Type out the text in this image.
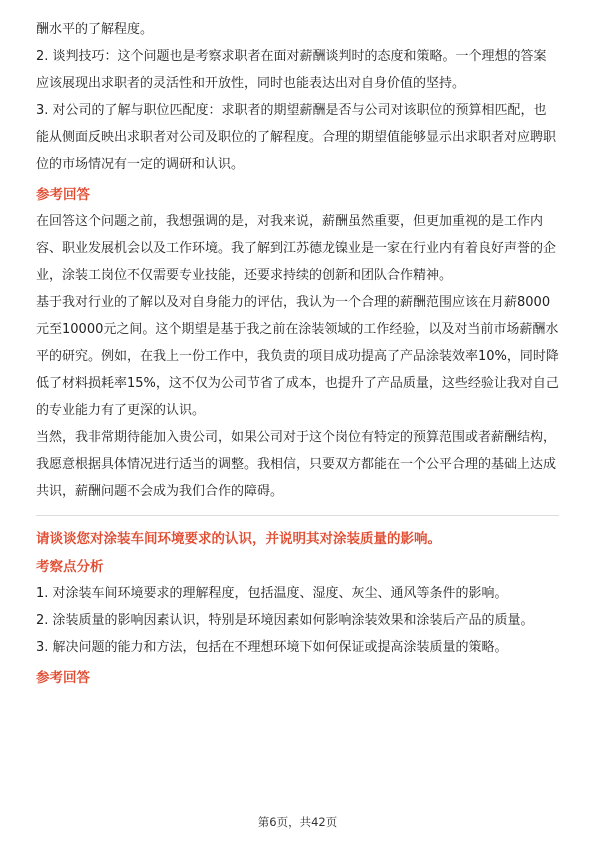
酬水平的了解程度。

2. 谈判技巧：这个问题也是考察求职者在面对薪酬谈判时的态度和策略。一个理想的答案应该展现出求职者的灵活性和开放性，同时也能表达出对自身价值的坚持。

3. 对公司的了解与职位匹配度：求职者的期望薪酬是否与公司对该职位的预算相匹配，也能从侧面反映出求职者对公司及职位的了解程度。合理的期望值能够显示出求职者对应聘职位的市场情况有一定的调研和认识。

参考回答

在回答这个问题之前，我想强调的是，对我来说，薪酬虽然重要，但更加重视的是工作内容、职业发展机会以及工作环境。我了解到江苏德龙镍业是一家在行业内有着良好声誉的企业，涂装工岗位不仅需要专业技能，还要求持续的创新和团队合作精神。

基于我对行业的了解以及对自身能力的评估，我认为一个合理的薪酬范围应该在月薪8000元至10000元之间。这个期望是基于我之前在涂装领域的工作经验，以及对当前市场薪酬水平的研究。例如，在我上一份工作中，我负责的项目成功提高了产品涂装效率10%，同时降低了材料损耗率15%，这不仅为公司节省了成本，也提升了产品质量，这些经验让我对自己的专业能力有了更深的认识。

当然，我非常期待能加入贵公司，如果公司对于这个岗位有特定的预算范围或者薪酬结构，我愿意根据具体情况进行适当的调整。我相信，只要双方都能在一个公平合理的基础上达成共识，薪酬问题不会成为我们合作的障碍。

请谈谈您对涂装车间环境要求的认识，并说明其对涂装质量的影响。

考察点分析

1. 对涂装车间环境要求的理解程度，包括温度、湿度、灰尘、通风等条件的影响。

2. 涂装质量的影响因素认识，特别是环境因素如何影响涂装效果和涂装后产品的质量。

3. 解决问题的能力和方法，包括在不理想环境下如何保证或提高涂装质量的策略。

参考回答

第6页，共42页
